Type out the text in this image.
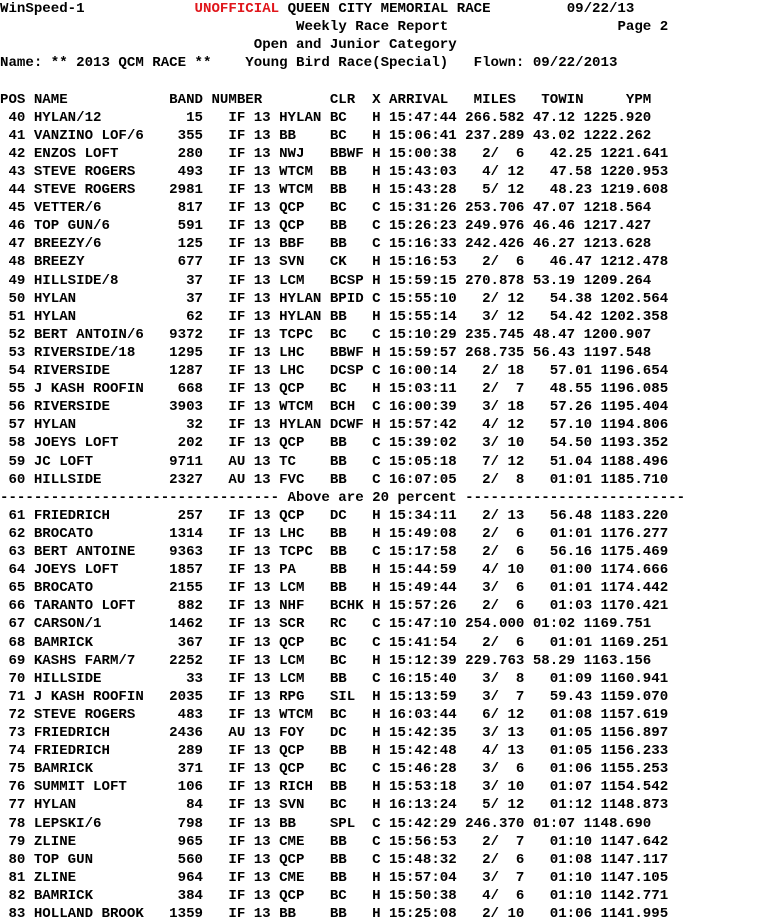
WinSpeed-1	UNOFFICIAL QUEEN CITY MEMORIAL RACE	09/22/13
Weekly Race Report	Page 2
Open and Junior Category
Name: ** 2013 QCM RACE **    Young Bird Race(Special)   Flown: 09/22/2013
POS NAME            BAND NUMBER        CLR  X ARRIVAL   MILES   TOWIN     YPM
40 HYLAN/12          15   IF 13 HYLAN BC   H 15:47:44 266.582 47.12 1225.920
41 VANZINO LOF/6    355   IF 13 BB    BC   H 15:06:41 237.289 43.02 1222.262
42 ENZOS LOFT       280   IF 13 NWJ   BBWF H 15:00:38   2/  6   42.25 1221.641
43 STEVE ROGERS     493   IF 13 WTCM  BB   H 15:43:03   4/ 12   47.58 1220.953
44 STEVE ROGERS    2981   IF 13 WTCM  BB   H 15:43:28   5/ 12   48.23 1219.608
45 VETTER/6         817   IF 13 QCP   BC   C 15:31:26 253.706 47.07 1218.564
46 TOP GUN/6        591   IF 13 QCP   BB   C 15:26:23 249.976 46.46 1217.427
47 BREEZY/6         125   IF 13 BBF   BB   C 15:16:33 242.426 46.27 1213.628
48 BREEZY           677   IF 13 SVN   CK   H 15:16:53   2/  6   46.47 1212.478
49 HILLSIDE/8        37   IF 13 LCM   BCSP H 15:59:15 270.878 53.19 1209.264
50 HYLAN             37   IF 13 HYLAN BPID C 15:55:10   2/ 12   54.38 1202.564
51 HYLAN             62   IF 13 HYLAN BB   H 15:55:14   3/ 12   54.42 1202.358
52 BERT ANTOIN/6   9372   IF 13 TCPC  BC   C 15:10:29 235.745 48.47 1200.907
53 RIVERSIDE/18    1295   IF 13 LHC   BBWF H 15:59:57 268.735 56.43 1197.548
54 RIVERSIDE       1287   IF 13 LHC   DCSP C 16:00:14   2/ 18   57.01 1196.654
55 J KASH ROOFIN    668   IF 13 QCP   BC   H 15:03:11   2/  7   48.55 1196.085
56 RIVERSIDE       3903   IF 13 WTCM  BCH  C 16:00:39   3/ 18   57.26 1195.404
57 HYLAN             32   IF 13 HYLAN DCWF H 15:57:42   4/ 12   57.10 1194.806
58 JOEYS LOFT       202   IF 13 QCP   BB   C 15:39:02   3/ 10   54.50 1193.352
59 JC LOFT         9711   AU 13 TC    BB   C 15:05:18   7/ 12   51.04 1188.496
60 HILLSIDE        2327   AU 13 FVC   BB   C 16:07:05   2/  8   01:01 1185.710
--------------------------------- Above are 20 percent --------------------------
61 FRIEDRICH        257   IF 13 QCP   DC   H 15:34:11   2/ 13   56.48 1183.220
62 BROCATO         1314   IF 13 LHC   BB   H 15:49:08   2/  6   01:01 1176.277
63 BERT ANTOINE    9363   IF 13 TCPC  BB   C 15:17:58   2/  6   56.16 1175.469
64 JOEYS LOFT      1857   IF 13 PA    BB   H 15:44:59   4/ 10   01:00 1174.666
65 BROCATO         2155   IF 13 LCM   BB   H 15:49:44   3/  6   01:01 1174.442
66 TARANTO LOFT     882   IF 13 NHF   BCHK H 15:57:26   2/  6   01:03 1170.421
67 CARSON/1        1462   IF 13 SCR   RC   C 15:47:10 254.000 01:02 1169.751
68 BAMRICK          367   IF 13 QCP   BC   C 15:41:54   2/  6   01:01 1169.251
69 KASHS FARM/7    2252   IF 13 LCM   BC   H 15:12:39 229.763 58.29 1163.156
70 HILLSIDE          33   IF 13 LCM   BB   C 16:15:40   3/  8   01:09 1160.941
71 J KASH ROOFIN   2035   IF 13 RPG   SIL  H 15:13:59   3/  7   59.43 1159.070
72 STEVE ROGERS     483   IF 13 WTCM  BC   H 16:03:44   6/ 12   01:08 1157.619
73 FRIEDRICH       2436   AU 13 FOY   DC   H 15:42:35   3/ 13   01:05 1156.897
74 FRIEDRICH        289   IF 13 QCP   BB   H 15:42:48   4/ 13   01:05 1156.233
75 BAMRICK          371   IF 13 QCP   BC   C 15:46:28   3/  6   01:06 1155.253
76 SUMMIT LOFT      106   IF 13 RICH  BB   H 15:53:18   3/ 10   01:07 1154.542
77 HYLAN             84   IF 13 SVN   BC   H 16:13:24   5/ 12   01:12 1148.873
78 LEPSKI/6         798   IF 13 BB    SPL  C 15:42:29 246.370 01:07 1148.690
79 ZLINE            965   IF 13 CME   BB   C 15:56:53   2/  7   01:10 1147.642
80 TOP GUN          560   IF 13 QCP   BB   C 15:48:32   2/  6   01:08 1147.117
81 ZLINE            964   IF 13 CME   BB   H 15:57:04   3/  7   01:10 1147.105
82 BAMRICK          384   IF 13 QCP   BC   H 15:50:38   4/  6   01:10 1142.771
83 HOLLAND BROOK   1359   IF 13 BB    BB   H 15:25:08   2/ 10   01:06 1141.995
